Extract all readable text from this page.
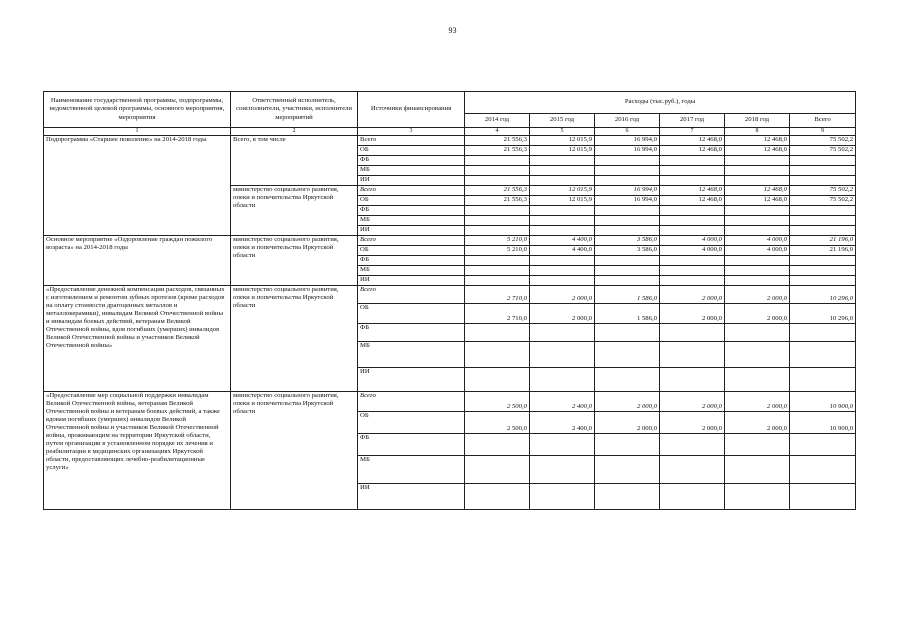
93
Наименование государственной программы, подпрограммы, ведомственной целевой программы, основного мероприятия, мероприятия	Ответственный исполнитель, соисполнители, участники, исполнители мероприятий	Источники финансирования	Расходы (тыс.руб.), годы					
			2014 год	2015 год	2016 год	2017 год	2018 год	Всего
1	2	3	4	5	6	7	8	9
Подпрограмма «Старшее поколение» на 2014-2018 годы	Всего, в том числе	Всего	21 556,3	12 015,9	16 994,0	12 468,0	12 468,0	75 502,2
		ОБ	21 556,3	12 015,9	16 994,0	12 468,0	12 468,0	75 502,2
		ФБ						
		МБ						
		ИИ						
	министерство социального развития, опеки и попечительства Иркутской области	Всего	21 556,3	12 015,9	16 994,0	12 468,0	12 468,0	75 502,2
		ОБ	21 556,3	12 015,9	16 994,0	12 468,0	12 468,0	75 502,2
		ФБ						
		МБ						
		ИИ						
Основное мероприятие «Оздоровление граждан пожилого возраста» на 2014-2018 годы	министерство социального развития, опеки и попечительства Иркутской области	Всего	5 210,0	4 400,0	3 586,0	4 000,0	4 000,0	21 196,0
		ОБ	5 210,0	4 400,0	3 586,0	4 000,0	4 000,0	21 196,0
		ФБ						
		МБ						
		ИИ						
«Предоставление денежной компенсации расходов, связанных с изготовлением и ремонтом зубных протезов (кроме расходов на оплату стоимости драгоценных металлов и металлокерамики), инвалидам Великой Отечественной войны и инвалидам боевых действий, ветеранам Великой Отечественной войны, вдов погибших (умерших) инвалидов Великой Отечественной войны и участников Великой Отечественной войны»	министерство социального развития, опеки и попечительства Иркутской области	Всего	2 710,0	2 000,0	1 586,0	2 000,0	2 000,0	10 296,0
		ОБ	2 710,0	2 000,0	1 586,0	2 000,0	2 000,0	10 296,0
		ФБ						
		МБ						
		ИИ						
«Предоставление мер социальной поддержки инвалидам Великой Отечественной войны, ветеранам Великой Отечественной войны и ветеранам боевых действий, а также вдовам погибших (умерших) инвалидов Великой Отечественной войны и участников Великой Отечественной войны, проживающим на территории Иркутской области, путем организации в установленном порядке их лечения и реабилитации в медицинских организациях Иркутской области, предоставляющих лечебно-реабилитационные услуги»	министерство социального развития, опеки и попечительства Иркутской области	Всего	2 500,0	2 400,0	2 000,0	2 000,0	2 000,0	10 900,0
		ОБ	2 500,0	2 400,0	2 000,0	2 000,0	2 000,0	10 900,0
		ФБ						
		МБ						
		ИИ						
